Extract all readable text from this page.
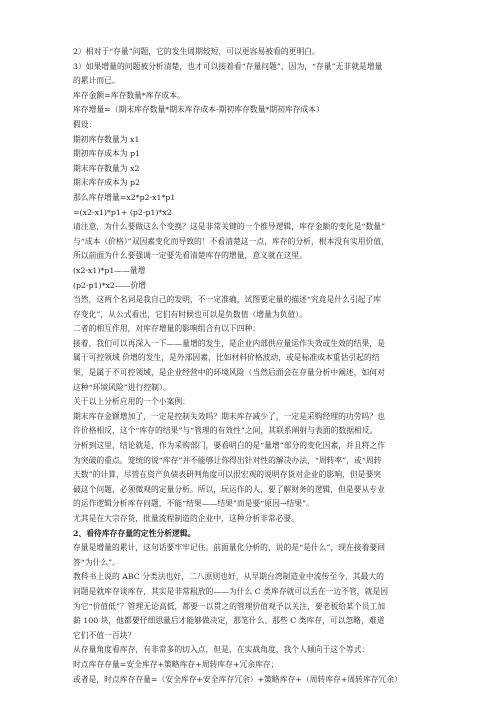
2）相对于“存量”问题，它的发生周期较短，可以更容易被看的更明白。
3）如果增量的问题被分析清楚，也才可以接着看“存量问题”，因为，“存量”无非就是增量
的累计而已。
库存金额=库存数量*库存成本。
库存增量=（期末库存数量*期末库存成本-期初库存数量*期初库存成本）
假设：
期初库存数量为 x1
期初库存成本为 p1
期末库存数量为 x2
期末库存成本为 p2
那么库存增量=x2*p2-x1*p1
=(x2-x1)*p1+ (p2-p1)*x2
请注意，为什么要做这么个变换？这是非常关键的一个推导逻辑，库存金额的变化是“数量”
与“成本（价格）”双因素变化而导致的！不看清楚这一点，库存的分析，根本没有实用价值，
所以前面为什么要强调一定要先看清楚库存的增量，意义就在这里。
(x2-x1)*p1——量增
(p2-p1)*x2——价增
当然，这两个名词是我自己的发明，不一定准确，试图要定量的描述“究竟是什么引起了库
存变化”，从公式看出，它们有时候也可以是负数值（增量为负值）。
二者的相互作用，对库存增量的影响组合有以下四种：
接着，我们可以再深入一下——量增的发生，是企业内部供应量运作失效或生效的结果，是
属于可控领域 价增的发生，是外部因素，比如材料价格波动，或是标准成本重估引起的结
果，是属于不可控领域，是企业经营中的环境风险（当然后面会在存量分析中阐述，如何对
这种“环境风险”进行控制）。
关于以上分析应用的一个小案例：
期末库存金额增加了，一定是控制失效吗？期末库存减少了，一定是采购经理的功劳吗？也
许价格相反，这个“库存的结果”与“管理的有效性”之间，其联系阐射与表面的数据相反。
分析到这里，结论就是，作为采购部门，要看明白的是“量增”部分的变化因素，并且将之作
为突破的重点。笼统的说“库存”并不能够让你得出针对性的解决办法，“周转率”，或“周转
天数”的计算，尽管在资产负债表研判角度可以很宏观的说明存货对企业的影响，但是要突
破这个问题，必须微观的定量分析。所以，玩运作的人，要了解财务的逻辑，但是要从专业
的运作逻辑分析库存问题，不能“结果——结果”而是要“原因→结果”。
尤其是在大宗存货，批量流程制造的企业中，这种分析非常必要。
2、看待库存存量的定性分析逻辑。
存量是增量的累计，这句话要牢牢记住。前面量化分析的，说的是“是什么”，现在接着要回
答“为什么”。
教科书上说的 ABC 分类法也好，二八原则也好，从早期台湾制造业中流传至今，其最大的
问题是就库存谈库存，其实是非常粗放的——为什么 C 类库存就可以丢在一边不管，就是因
为它“价值低”？管理无论高低，都要一以贯之的管理价值观予以关注，要老板给某个员工加
薪 100 块，他都要仔细思量后才能够做决定，那笔什么、那些 C 类库存，可以忽略，难道
它们不值一百块？
从存量角度看库存，有非常多的切入点，但是，在实战角度，我个人倾向于这个等式：
时点库存存量=安全库存+策略库存+周转库存+冗余库存；
或者是，时点库存存量=（安全库存+安全库存冗余）+策略库存+（周转库存+周转库存冗余）
